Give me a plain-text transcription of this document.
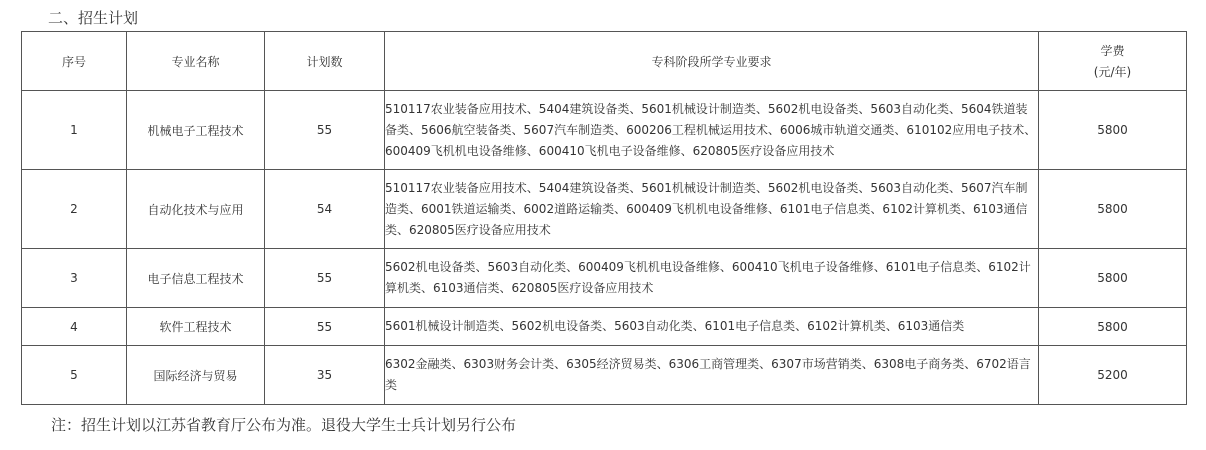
二、招生计划
序号	专业名称	计划数	专科阶段所学专业要求	学费
(元/年)

1	机械电子工程技术	55	510117农业装备应用技术、5404建筑设备类、5601机械设计制造类、5602机电设备类、5603自动化类、5604铁道装备类、5606航空装备类、5607汽车制造类、600206工程机械运用技术、6006城市轨道交通类、610102应用电子技术、600409飞机机电设备维修、600410飞机电子设备维修、620805医疗设备应用技术	5800
2	自动化技术与应用	54	510117农业装备应用技术、5404建筑设备类、5601机械设计制造类、5602机电设备类、5603自动化类、5607汽车制造类、6001铁道运输类、6002道路运输类、600409飞机机电设备维修、6101电子信息类、6102计算机类、6103通信类、620805医疗设备应用技术	5800
3	电子信息工程技术	55	5602机电设备类、5603自动化类、600409飞机机电设备维修、600410飞机电子设备维修、6101电子信息类、6102计算机类、6103通信类、620805医疗设备应用技术	5800
4	软件工程技术	55	5601机械设计制造类、5602机电设备类、5603自动化类、6101电子信息类、6102计算机类、6103通信类	5800
5	国际经济与贸易	35	6302金融类、6303财务会计类、6305经济贸易类、6306工商管理类、6307市场营销类、6308电子商务类、6702语言类	5200
注：招生计划以江苏省教育厅公布为准。退役大学生士兵计划另行公布
